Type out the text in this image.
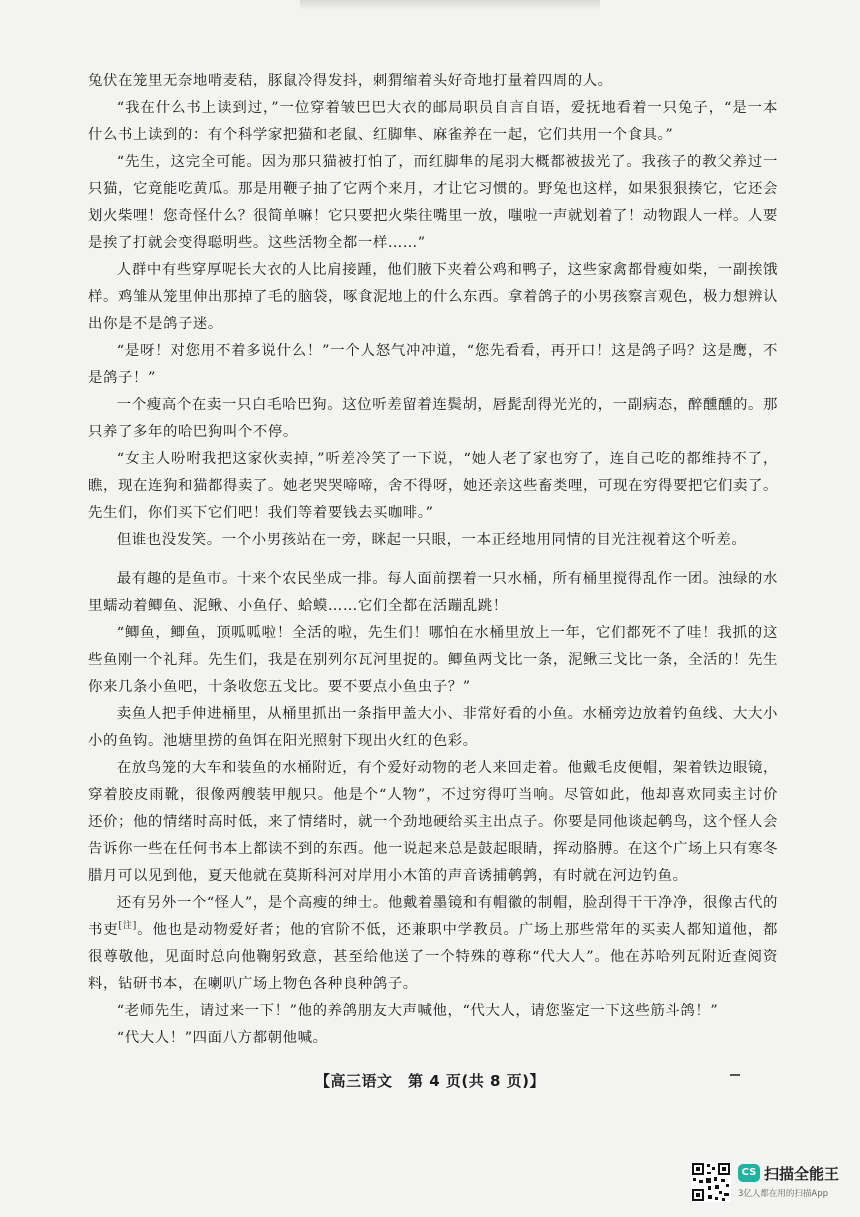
兔伏在笼里无奈地啃麦秸，豚鼠冷得发抖，刺猬缩着头好奇地打量着四周的人。

“我在什么书上读到过，”一位穿着皱巴巴大衣的邮局职员自言自语，爱抚地看着一只兔子，“是一本什么书上读到的：有个科学家把猫和老鼠、红脚隼、麻雀养在一起，它们共用一个食具。”

“先生，这完全可能。因为那只猫被打怕了，而红脚隼的尾羽大概都被拔光了。我孩子的教父养过一只猫，它竟能吃黄瓜。那是用鞭子抽了它两个来月，才让它习惯的。野兔也这样，如果狠狠揍它，它还会划火柴哩！您奇怪什么？很简单嘛！它只要把火柴往嘴里一放，嗤啦一声就划着了！动物跟人一样。人要是挨了打就会变得聪明些。这些活物全都一样……”

人群中有些穿厚呢长大衣的人比肩接踵，他们腋下夹着公鸡和鸭子，这些家禽都骨瘦如柴，一副挨饿样。鸡雏从笼里伸出那掉了毛的脑袋，啄食泥地上的什么东西。拿着鸽子的小男孩察言观色，极力想辨认出你是不是鸽子迷。

“是呀！对您用不着多说什么！”一个人怒气冲冲道，“您先看看，再开口！这是鸽子吗？这是鹰，不是鸽子！”

一个瘦高个在卖一只白毛哈巴狗。这位听差留着连鬓胡，唇髭刮得光光的，一副病态，醉醺醺的。那只养了多年的哈巴狗叫个不停。

“女主人吩咐我把这家伙卖掉，”听差冷笑了一下说，“她人老了家也穷了，连自己吃的都维持不了，瞧，现在连狗和猫都得卖了。她老哭哭啼啼，舍不得呀，她还亲这些畜类哩，可现在穷得要把它们卖了。先生们，你们买下它们吧！我们等着要钱去买咖啡。”

但谁也没发笑。一个小男孩站在一旁，眯起一只眼，一本正经地用同情的目光注视着这个听差。

最有趣的是鱼市。十来个农民坐成一排。每人面前摆着一只水桶，所有桶里搅得乱作一团。浊绿的水里蠕动着鲫鱼、泥鳅、小鱼仔、蛤蟆……它们全都在活蹦乱跳！

“鲫鱼，鲫鱼，顶呱呱啦！全活的啦，先生们！哪怕在水桶里放上一年，它们都死不了哇！我抓的这些鱼刚一个礼拜。先生们，我是在别列尔瓦河里捉的。鲫鱼两戈比一条，泥鳅三戈比一条，全活的！先生你来几条小鱼吧，十条收您五戈比。要不要点小鱼虫子？”

卖鱼人把手伸进桶里，从桶里抓出一条指甲盖大小、非常好看的小鱼。水桶旁边放着钓鱼线、大大小小的鱼钩。池塘里捞的鱼饵在阳光照射下现出火红的色彩。

在放鸟笼的大车和装鱼的水桶附近，有个爱好动物的老人来回走着。他戴毛皮便帽，架着铁边眼镜，穿着胶皮雨靴，很像两艘装甲舰只。他是个“人物”，不过穷得叮当响。尽管如此，他却喜欢同卖主讨价还价；他的情绪时高时低，来了情绪时，就一个劲地硬给买主出点子。你要是同他谈起鹌鸟，这个怪人会告诉你一些在任何书本上都读不到的东西。他一说起来总是鼓起眼睛，挥动胳膊。在这个广场上只有寒冬腊月可以见到他，夏天他就在莫斯科河对岸用小木笛的声音诱捕鹌鹑，有时就在河边钓鱼。

还有另外一个“怪人”，是个高瘦的绅士。他戴着墨镜和有帽徽的制帽，脸刮得干干净净，很像古代的书吏[注]。他也是动物爱好者；他的官阶不低，还兼职中学教员。广场上那些常年的买卖人都知道他，都很尊敬他，见面时总向他鞠躬致意，甚至给他送了一个特殊的尊称“代大人”。他在苏哈列瓦附近查阅资料，钻研书本，在喇叭广场上物色各种良种鸽子。

“老师先生，请过来一下！”他的养鸽朋友大声喊他，“代大人，请您鉴定一下这些筋斗鸽！”

“代大人！”四面八方都朝他喊。

【高三语文　第 4 页(共 8 页)】
CS 扫描全能王
3亿人都在用的扫描App
